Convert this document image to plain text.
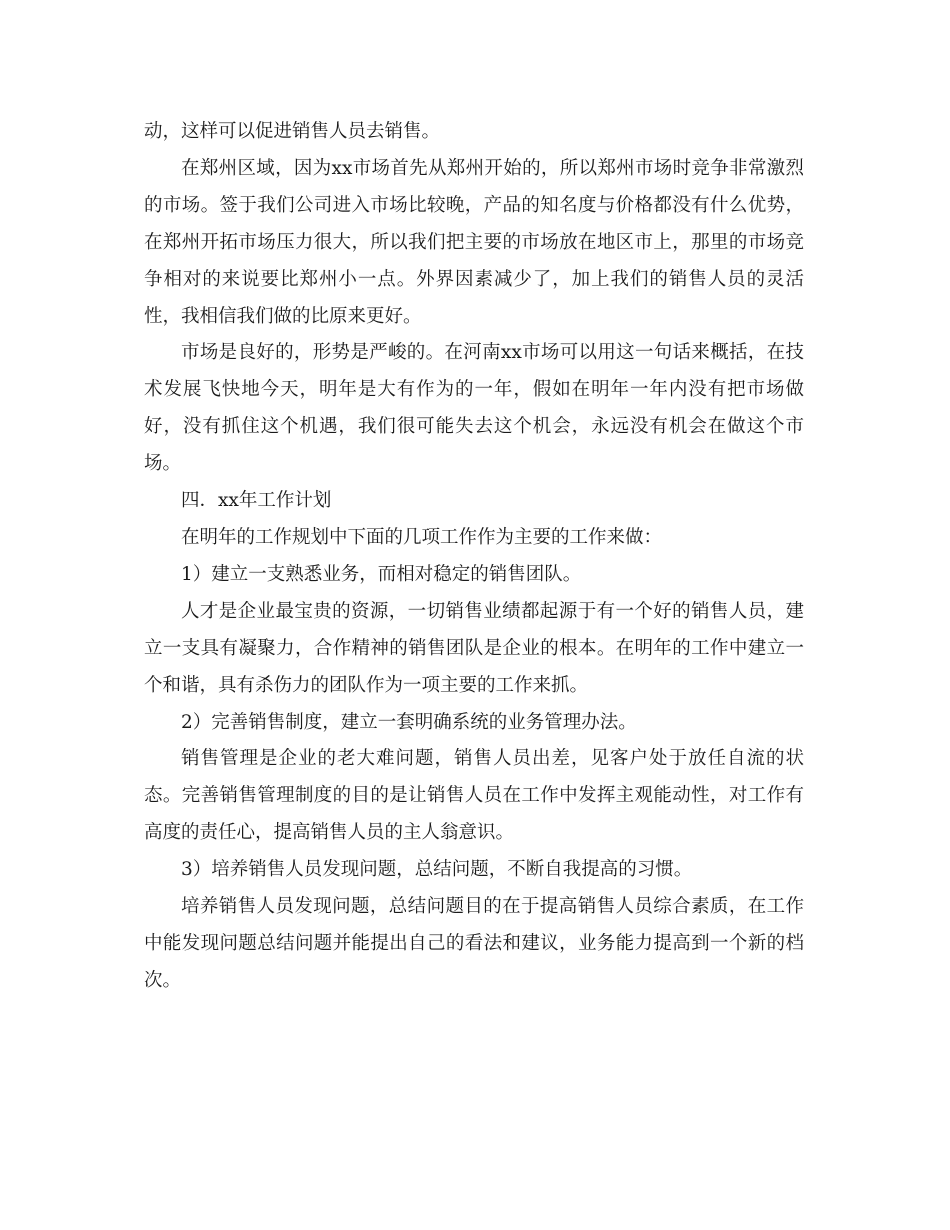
动，这样可以促进销售人员去销售。

在郑州区域，因为xx市场首先从郑州开始的，所以郑州市场时竞争非常激烈的市场。签于我们公司进入市场比较晚，产品的知名度与价格都没有什么优势，在郑州开拓市场压力很大，所以我们把主要的市场放在地区市上，那里的市场竞争相对的来说要比郑州小一点。外界因素减少了，加上我们的销售人员的灵活性，我相信我们做的比原来更好。

市场是良好的，形势是严峻的。在河南xx市场可以用这一句话来概括，在技术发展飞快地今天，明年是大有作为的一年，假如在明年一年内没有把市场做好，没有抓住这个机遇，我们很可能失去这个机会，永远没有机会在做这个市场。

四．xx年工作计划

在明年的工作规划中下面的几项工作作为主要的工作来做：

1）建立一支熟悉业务，而相对稳定的销售团队。

人才是企业最宝贵的资源，一切销售业绩都起源于有一个好的销售人员，建立一支具有凝聚力，合作精神的销售团队是企业的根本。在明年的工作中建立一个和谐，具有杀伤力的团队作为一项主要的工作来抓。

2）完善销售制度，建立一套明确系统的业务管理办法。

销售管理是企业的老大难问题，销售人员出差，见客户处于放任自流的状态。完善销售管理制度的目的是让销售人员在工作中发挥主观能动性，对工作有高度的责任心，提高销售人员的主人翁意识。

3）培养销售人员发现问题，总结问题，不断自我提高的习惯。

培养销售人员发现问题，总结问题目的在于提高销售人员综合素质，在工作中能发现问题总结问题并能提出自己的看法和建议，业务能力提高到一个新的档次。
